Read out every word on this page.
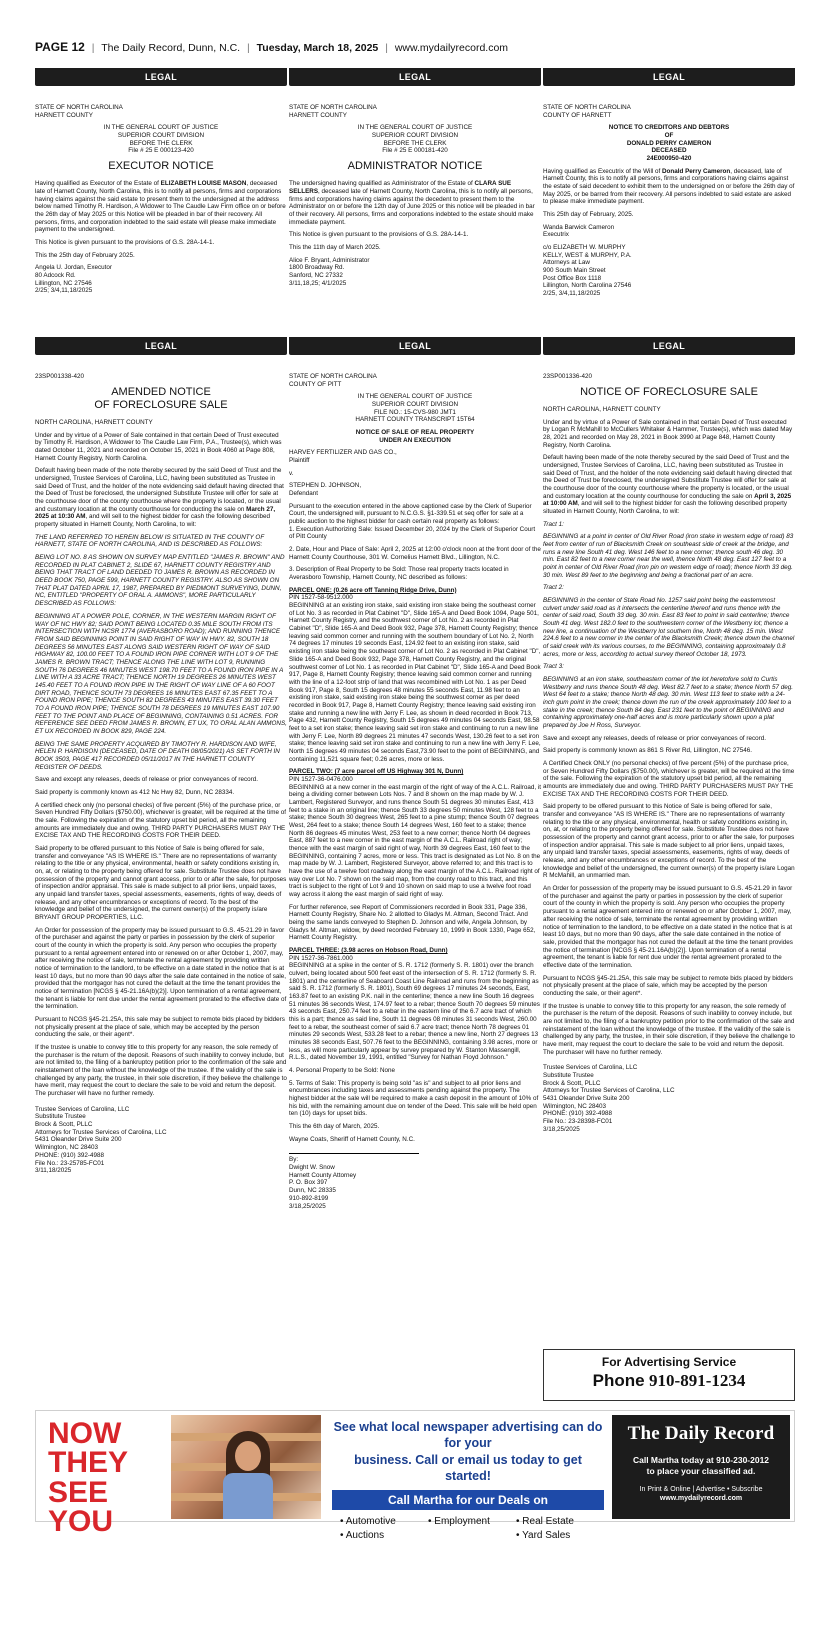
PAGE 12 | The Daily Record, Dunn, N.C. | Tuesday, March 18, 2025 | www.mydailyrecord.com
LEGAL	LEGAL	LEGAL
STATE OF NORTH CAROLINA
HARNETT COUNTY
IN THE GENERAL COURT OF JUSTICE
SUPERIOR COURT DIVISION
BEFORE THE CLERK
File # 25 E 000123-420
EXECUTOR NOTICE

Having qualified as Executor of the Estate of ELIZABETH LOUISE MASON, deceased late of Harnett County, North Carolina, this is to notify all persons, firms and corporations having claims against the said estate to present them to the undersigned at the address below named Timothy R. Hardison, A Widower to The Caudle Law Firm office on or before the 26th day of May 2025 or this Notice will be pleaded in bar of their recovery. All persons, firms, and corporation indebted to the said estate will please make immediate payment to the undersigned.

This Notice is given pursuant to the provisions of G.S. 28A-14-1.

This the 25th day of February 2025.

Angela U. Jordan, Executor
80 Adcock Rd.
Lillington, NC 27546
2/25; 3/4,11,18/2025
STATE OF NORTH CAROLINA
HARNETT COUNTY
IN THE GENERAL COURT OF JUSTICE
SUPERIOR COURT DIVISION
BEFORE THE CLERK
File # 25 E 000181-420
ADMINISTRATOR NOTICE

The undersigned having qualified as Administrator of the Estate of CLARA SUE SELLERS, deceased late of Harnett County, North Carolina, this is to notify all persons, firms and corporations having claims against the decedent to present them to the Administrator on or before the 12th day of June 2025 or this notice will be pleaded in bar of their recovery. All persons, firms and corporations indebted to the estate should make immediate payment.

This Notice is given pursuant to the provisions of G.S. 28A-14-1.

This the 11th day of March 2025.

Alice F. Bryant, Administrator
1800 Broadway Rd.
Sanford, NC 27332
3/11,18,25; 4/1/2025
STATE OF NORTH CAROLINA
COUNTY OF HARNETT
NOTICE TO CREDITORS AND DEBTORS
OF
DONALD PERRY CAMERON
DECEASED
24E000950-420

Having qualified as Executrix of the Will of Donald Perry Cameron, deceased, late of Harnett County, this is to notify all persons, firms and corporations having claims against the estate of said decedent to exhibit them to the undersigned on or before the 26th day of May 2025, or be barred from their recovery. All persons indebted to said estate are asked to please make immediate payment.

This 25th day of February, 2025.

Wanda Barwick Cameron
Executrix
c/o ELIZABETH W. MURPHY
KELLY, WEST & MURPHY, P.A.
Attorneys at Law
900 South Main Street
Post Office Box 1118
Lillington, North Carolina 27546
2/25, 3/4,11,18/2025
LEGAL	LEGAL	LEGAL
23SP001338-420
AMENDED NOTICE
OF FORECLOSURE SALE

NORTH CAROLINA, HARNETT COUNTY

Under and by virtue of a Power of Sale contained in that certain Deed of Trust executed by Timothy R. Hardison, A Widower to The Caudle Law Firm, P.A., Trustee(s), which was dated October 11, 2021 and recorded on October 15, 2021 in Book 4060 at Page 808, Harnett County Registry, North Carolina.

Default having been made of the note thereby secured by the said Deed of Trust and the undersigned, Trustee Services of Carolina, LLC, having been substituted as Trustee in said Deed of Trust, and the holder of the note evidencing said default having directed that the Deed of Trust be foreclosed, the undersigned Substitute Trustee will offer for sale at the courthouse door of the county courthouse where the property is located, or the usual and customary location at the county courthouse for conducting the sale on March 27, 2025 at 10:30 AM, and will sell to the highest bidder for cash the following described property situated in Harnett County, North Carolina, to wit:

THE LAND REFERRED TO HEREIN BELOW IS SITUATED IN THE COUNTY OF HARNETT, STATE OF NORTH CAROLINA, AND IS DESCRIBED AS FOLLOWS:

BEING LOT NO. 8 AS SHOWN ON SURVEY MAP ENTITLED "JAMES R. BROWN" AND RECORDED IN PLAT CABINET 2, SLIDE 67, HARNETT COUNTY REGISTRY AND BEING THAT TRACT OF LAND DEEDED TO JAMES R. BROWN AS RECORDED IN DEED BOOK 750, PAGE 599, HARNETT COUNTY REGISTRY. ALSO AS SHOWN ON THAT PLAT DATED APRIL 17, 1987, PREPARED BY PIEDMONT SURVEYING, DUNN, NC, ENTITLED "PROPERTY OF ORAL A. AMMONS", MORE PARTICULARLY DESCRIBED AS FOLLOWS:

BEGINNING AT A POWER POLE, CORNER, IN THE WESTERN MARGIN RIGHT OF WAY OF NC HWY 82; SAID POINT BEING LOCATED 0.35 MILE SOUTH FROM ITS INTERSECTION WITH NCSR 1774 (AVERASBORO ROAD); AND RUNNING THENCE FROM SAID BEGINNING POINT IN SAID RIGHT OF WAY IN HWY. 82, SOUTH 18 DEGREES 56 MINUTES EAST ALONG SAID WESTERN RIGHT OF WAY OF SAID HIGHWAY 82, 100.00 FEET TO A FOUND IRON PIPE CORNER WITH LOT 9 OF THE JAMES R. BROWN TRACT; THENCE ALONG THE LINE WITH LOT 9, RUNNING SOUTH 76 DEGREES 46 MINUTES WEST 198.70 FEET TO A FOUND IRON PIPE IN A LINE WITH A 33 ACRE TRACT; THENCE NORTH 19 DEGREES 26 MINUTES WEST 145.40 FEET TO A FOUND IRON PIPE IN THE RIGHT OF WAY LINE OF A 60 FOOT DIRT ROAD, THENCE SOUTH 73 DEGREES 16 MINUTES EAST 67.35 FEET TO A FOUND IRON PIPE; THENCE SOUTH 82 DEGREES 43 MINUTES EAST 39.30 FEET TO A FOUND IRON PIPE; THENCE SOUTH 78 DEGREES 19 MINUTES EAST 107.90 FEET TO THE POINT AND PLACE OF BEGINNING, CONTAINING 0.51 ACRES. FOR REFERENCE SEE DEED FROM JAMES R. BROWN, ET UX, TO ORAL ALAN AMMONS, ET UX RECORDED IN BOOK 829, PAGE 224.

BEING THE SAME PROPERTY ACQUIRED BY TIMOTHY R. HARDISON AND WIFE, HELEN P. HARDISON (DECEASED, DATE OF DEATH 08/05/2021) AS SET FORTH IN BOOK 3503, PAGE 417 RECORDED 05/11/2017 IN THE HARNETT COUNTY REGISTER OF DEEDS.

Save and except any releases, deeds of release or prior conveyances of record.

Said property is commonly known as 412 Nc Hwy 82, Dunn, NC 28334.

A certified check only (no personal checks) of five percent (5%) of the purchase price, or Seven Hundred Fifty Dollars ($750.00), whichever is greater, will be required at the time of the sale. Following the expiration of the statutory upset bid period, all the remaining amounts are immediately due and owing. THIRD PARTY PURCHASERS MUST PAY THE EXCISE TAX AND THE RECORDING COSTS FOR THEIR DEED.

Said property to be offered pursuant to this Notice of Sale is being offered for sale, transfer and conveyance "AS IS WHERE IS." There are no representations of warranty relating to the title or any physical, environmental, health or safety conditions existing in, on, at, or relating to the property being offered for sale. Substitute Trustee does not have possession of the property and cannot grant access, prior to or after the sale, for purposes of inspection and/or appraisal. This sale is made subject to all prior liens, unpaid taxes, any unpaid land transfer taxes, special assessments, easements, rights of way, deeds of release, and any other encumbrances or exceptions of record. To the best of the knowledge and belief of the undersigned, the current owner(s) of the property is/are BRYANT GROUP PROPERTIES, LLC.

An Order for possession of the property may be issued pursuant to G.S. 45-21.29 in favor of the purchaser and against the party or parties in possession by the clerk of superior court of the county in which the property is sold. Any person who occupies the property pursuant to a rental agreement entered into or renewed on or after October 1, 2007, may, after receiving the notice of sale, terminate the rental agreement by providing written notice of termination to the landlord, to be effective on a date stated in the notice that is at least 10 days, but no more than 90 days after the sale date contained in the notice of sale, provided that the mortgagor has not cured the default at the time the tenant provides the notice of termination [NCGS § 45-21.16A(b)(2)]. Upon termination of a rental agreement, the tenant is liable for rent due under the rental agreement prorated to the effective date of the termination.

Pursuant to NCGS §45-21.25A, this sale may be subject to remote bids placed by bidders not physically present at the place of sale, which may be accepted by the person conducting the sale, or their agent*.

If the trustee is unable to convey title to this property for any reason, the sole remedy of the purchaser is the return of the deposit. Reasons of such inability to convey include, but are not limited to, the filing of a bankruptcy petition prior to the confirmation of the sale and reinstatement of the loan without the knowledge of the trustee. If the validity of the sale is challenged by any party, the trustee, in their sole discretion, if they believe the challenge to have merit, may request the court to declare the sale to be void and return the deposit. The purchaser will have no further remedy.

Trustee Services of Carolina, LLC
Substitute Trustee
Brock & Scott, PLLC
Attorneys for Trustee Services of Carolina, LLC
5431 Oleander Drive Suite 200
Wilmington, NC 28403
PHONE: (910) 392-4988
File No.: 23-25785-FC01
3/11,18/2025
STATE OF NORTH CAROLINA
COUNTY OF PITT
IN THE GENERAL COURT OF JUSTICE
SUPERIOR COURT DIVISION
FILE NO.: 15-CVS-980 JMT1
HARNETT COUNTY TRANSCRIPT 15T64
NOTICE OF SALE OF REAL PROPERTY
UNDER AN EXECUTION
HARVEY FERTILIZER AND GAS CO.,
Plaintiff

v.

STEPHEN D. JOHNSON,
Defendant

Pursuant to the execution entered in the above captioned case by the Clerk of Superior Court, the undersigned will, pursuant to N.C.G.S. §1-339.51 et seq offer for sale at a public auction to the highest bidder for cash certain real property as follows:
1. Execution Authorizing Sale: Issued December 20, 2024 by the Clerk of Superior Court of Pitt County

2. Date, Hour and Place of Sale: April 2, 2025 at 12:00 o'clock noon at the front door of the Harnett County Courthouse, 301 W. Cornelius Harnett Blvd., Lillington, N.C.

3. Description of Real Property to be Sold: Those real property tracts located in Averasboro Township, Harnett County, NC described as follows:

PARCEL ONE: (0.26 acre off Tanning Ridge Drive, Dunn)
PIN 1527-58-9512.000
BEGINNING at an existing iron stake, said existing iron stake being the southeast corner of Lot No. 3 as recorded in Plat Cabinet "D", Slide 165-A and Deed Book 1094, Page 501, Harnett County Registry, and the southwest corner of Lot No. 2 as recorded in Plat Cabinet "D", Slide 165-A and Deed Book 932, Page 378, Harnett County Registry; thence leaving said common corner and running with the southern boundary of Lot No. 2, North 74 degrees 17 minutes 19 seconds East, 124.92 feet to an existing iron stake, said existing iron stake being the southeast corner of Lot No. 2 as recorded in Plat Cabinet "D", Slide 165-A and Deed Book 932, Page 378, Harnett County Registry, and the original southwest corner of Lot No. 1 as recorded in Plat Cabinet "D", Slide 165-A and Deed Book 917, Page 8, Harnett County Registry; thence leaving said common corner and running with the line of a 12-foot strip of land that was recombined with Lot No. 1 as per Deed Book 917, Page 8, South 15 degrees 48 minutes 55 seconds East, 11.98 feet to an existing iron stake, said existing iron stake being the southwest corner as per deed recorded in Book 917, Page 8, Harnett County Registry; thence leaving said existing iron stake and running a new line with Jerry F. Lee, as shown in deed recorded in Book 713, Page 432, Harnett County Registry, South 15 degrees 49 minutes 04 seconds East, 98.58 feet to a set iron stake; thence leaving said set iron stake and continuing to run a new line with Jerry F. Lee, North 89 degrees 21 minutes 47 seconds West, 130.26 feet to a set iron stake; thence leaving said set iron stake and continuing to run a new line with Jerry F. Lee, North 15 degrees 49 minutes 04 seconds East,73.90 feet to the point of BEGINNING, and containing 11,521 square feet; 0.26 acres, more or less.

PARCEL TWO: (7 acre parcel off US Highway 301 N, Dunn)
PIN 1527-36-0476.000
BEGINNING at a new corner in the east margin of the right of way of the A.C.L. Railroad, it being a dividing corner between Lots Nos. 7 and 8 shown on the map made by W. J. Lambert, Registered Surveyor, and runs thence South 51 degrees 30 minutes East, 413 feet to a stake in an original line; thence South 33 degrees 50 minutes West, 128 feet to a stake; thence South 30 degrees West, 265 feet to a pine stump; thence South 07 degrees West, 264 feet to a stake; thence South 14 degrees West, 160 feet to a stake; thence North 86 degrees 45 minutes West, 253 feet to a new corner; thence North 04 degrees East, 887 feet to a new corner in the east margin of the A.C.L. Railroad right of way; thence with the east margin of said right of way, North 39 degrees East, 160 feet to the BEGINNING, containing 7 acres, more or less. This tract is designated as Lot No. 8 on the map made by W. J. Lambert, Registered Surveyor, above referred to; and this tract is to have the use of a twelve foot roadway along the east margin of the A.C.L. Railroad right of way over Lot No. 7 shown on the said map, from the county road to this tract, and this tract is subject to the right of Lot 9 and 10 shown on said map to use a twelve foot road way across it along the east margin of said right of way.

For further reference, see Report of Commissioners recorded in Book 331, Page 336, Harnett County Registry, Share No. 2 allotted to Gladys M. Altman, Second Tract. And being the same lands conveyed to Stephen D. Johnson and wife, Angela Johnson, by Gladys M. Altman, widow, by deed recorded February 10, 1999 in Book 1330, Page 652, Harnett County Registry.

PARCEL THREE: (3.98 acres on Hobson Road, Dunn)
PIN 1527-36-7861.000
BEGINNING at a spike in the center of S. R. 1712 (formerly S. R. 1801) over the branch culvert, being located about 500 feet east of the intersection of S. R. 1712 (formerly S. R. 1801) and the centerline of Seaboard Coast Line Railroad and runs from the beginning as said S. R. 1712 (formerly S. R. 1801), South 69 degrees 17 minutes 24 seconds, East, 163.87 feet to an existing P.K. nail in the centerline; thence a new line South 16 degrees 51 minutes 36 seconds West, 174.97 feet to a rebar; thence South 70 degrees 59 minutes 43 seconds East, 250.74 feet to a rebar in the eastern line of the 6.7 acre tract of which this is a part; thence as said line, South 11 degrees 08 minutes 31 seconds West, 260.00 feet to a rebar, the southeast corner of said 6.7 acre tract; thence North 78 degrees 01 minutes 29 seconds West, 533.28 feet to a rebar; thence a new line, North 27 degrees 13 minutes 38 seconds East, 507.76 feet to the BEGINNING, containing 3.98 acres, more or less, as will more particularly appear by survey prepared by W. Stanton Massengill, R.L.S., dated November 19, 1991, entitled "Survey for Nathan Floyd Johnson."

4. Personal Property to be Sold: None

5. Terms of Sale: This property is being sold "as is" and subject to all prior liens and encumbrances including taxes and assessments pending against the property. The highest bidder at the sale will be required to make a cash deposit in the amount of 10% of his bid, with the remaining amount due on tender of the Deed. This sale will be held open ten (10) days for upset bids.

This the 6th day of March, 2025.

Wayne Coats, Sheriff of Harnett County, N.C.

By:
Dwight W. Snow
Harnett County Attorney
P. O. Box 397
Dunn, NC 28335
910-892-8199
3/18,25/2025
23SP001336-420
NOTICE OF FORECLOSURE SALE

NORTH CAROLINA, HARNETT COUNTY

Under and by virtue of a Power of Sale contained in that certain Deed of Trust executed by Logan R McMahill to McCullers Whitaker & Hammer, Trustee(s), which was dated May 28, 2021 and recorded on May 28, 2021 in Book 3990 at Page 848, Harnett County Registry, North Carolina.

Default having been made of the note thereby secured by the said Deed of Trust and the undersigned, Trustee Services of Carolina, LLC, having been substituted as Trustee in said Deed of Trust, and the holder of the note evidencing said default having directed that the Deed of Trust be foreclosed, the undersigned Substitute Trustee will offer for sale at the courthouse door of the county courthouse where the property is located, or the usual and customary location at the county courthouse for conducting the sale on April 3, 2025 at 10:00 AM, and will sell to the highest bidder for cash the following described property situated in Harnett County, North Carolina, to wit:

Tract 1:

BEGINNING at a point in center of Old River Road (iron stake in western edge of road) 83 feet from center of run of Blacksmith Creek on southeast side of creek at the bridge, and runs a new line South 41 deg. West 146 feet to a new corner; thence south 46 deg. 30 min. East 82 feet to a new corner near the well, thence North 48 deg. East 127 feet to a point in center of Old River Road (iron pin on western edge of road); thence North 33 deg. 30 min. West 89 feet to the beginning and being a fractional part of an acre.

Tract 2:

BEGINNING in the center of State Road No. 1257 said point being the easternmost culvert under said road as it intersects the centerline thereof and runs thence with the center of said road, South 33 deg. 30 min. East 83 feet to point in said centerline; thence South 41 deg. West 182.0 feet to the southwestern corner of the Westberry lot; thence a new line, a continuation of the Westberry lot southern line, North 48 deg. 15 min. West 224.6 feet to a new corner in the center of the Blacksmith Creek; thence down the channel of said creek with its various courses, to the BEGINNING, containing approximately 0.8 acres, more or less, according to actual survey thereof October 18, 1973.

Tract 3:

BEGINNING at an iron stake, southeastern corner of the lot heretofore sold to Curtis Westberry and runs thence South 48 deg. West 82.7 feet to a stake; thence North 57 deg. West 64 feet to a stake; thence North 48 deg. 30 min. West 113 feet to stake with a 24-inch gum point in the creek; thence down the run of the creek approximately 100 feet to a stake in the creek; thence South 84 deg. East 231 feet to the point of BEGINNING and containing approximately one-half acres and is more particularly shown upon a plat prepared by Joe H Ross, Surveyor.

Save and except any releases, deeds of release or prior conveyances of record.

Said property is commonly known as 861 S River Rd, Lillington, NC 27546.

A Certified Check ONLY (no personal checks) of five percent (5%) of the purchase price, or Seven Hundred Fifty Dollars ($750.00), whichever is greater, will be required at the time of the sale. Following the expiration of the statutory upset bid period, all the remaining amounts are immediately due and owing. THIRD PARTY PURCHASERS MUST PAY THE EXCISE TAX AND THE RECORDING COSTS FOR THEIR DEED.

Said property to be offered pursuant to this Notice of Sale is being offered for sale, transfer and conveyance "AS IS WHERE IS." There are no representations of warranty relating to the title or any physical, environmental, health or safety conditions existing in, on, at, or relating to the property being offered for sale. Substitute Trustee does not have possession of the property and cannot grant access, prior to or after the sale, for purposes of inspection and/or appraisal. This sale is made subject to all prior liens, unpaid taxes, any unpaid land transfer taxes, special assessments, easements, rights of way, deeds of release, and any other encumbrances or exceptions of record. To the best of the knowledge and belief of the undersigned, the current owner(s) of the property is/are Logan R McMahill, an unmarried man.

An Order for possession of the property may be issued pursuant to G.S. 45-21.29 in favor of the purchaser and against the party or parties in possession by the clerk of superior court of the county in which the property is sold. Any person who occupies the property pursuant to a rental agreement entered into or renewed on or after October 1, 2007, may, after receiving the notice of sale, terminate the rental agreement by providing written notice of termination to the landlord, to be effective on a date stated in the notice that is at least 10 days, but no more than 90 days, after the sale date contained in the notice of sale, provided that the mortgagor has not cured the default at the time the tenant provides the notice of termination [NCGS § 45-21.16A(b)(2)]. Upon termination of a rental agreement, the tenant is liable for rent due under the rental agreement prorated to the effective date of the termination.

Pursuant to NCGS §45-21.25A, this sale may be subject to remote bids placed by bidders not physically present at the place of sale, which may be accepted by the person conducting the sale, or their agent*.

If the trustee is unable to convey title to this property for any reason, the sole remedy of the purchaser is the return of the deposit. Reasons of such inability to convey include, but are not limited to, the filing of a bankruptcy petition prior to the confirmation of the sale and reinstatement of the loan without the knowledge of the trustee. If the validity of the sale is challenged by any party, the trustee, in their sole discretion, if they believe the challenge to have merit, may request the court to declare the sale to be void and return the deposit. The purchaser will have no further remedy.

Trustee Services of Carolina, LLC
Substitute Trustee
Brock & Scott, PLLC
Attorneys for Trustee Services of Carolina, LLC
5431 Oleander Drive Suite 200
Wilmington, NC 28403
PHONE: (910) 392-4988
File No.: 23-28398-FC01
3/18,25/2025
For Advertising Service
Phone 910-891-1234
NOW
THEY
SEE YOU
See what local newspaper advertising can do for your
business. Call or email us today to get started!
Call Martha for our Deals on
• Automotive	• Employment	• Real Estate
• Auctions	• Yard Sales
The Daily Record
Call Martha today at 910-230-2012
to place your classified ad.
In Print & Online | Advertise • Subscribe
www.mydailyrecord.com
